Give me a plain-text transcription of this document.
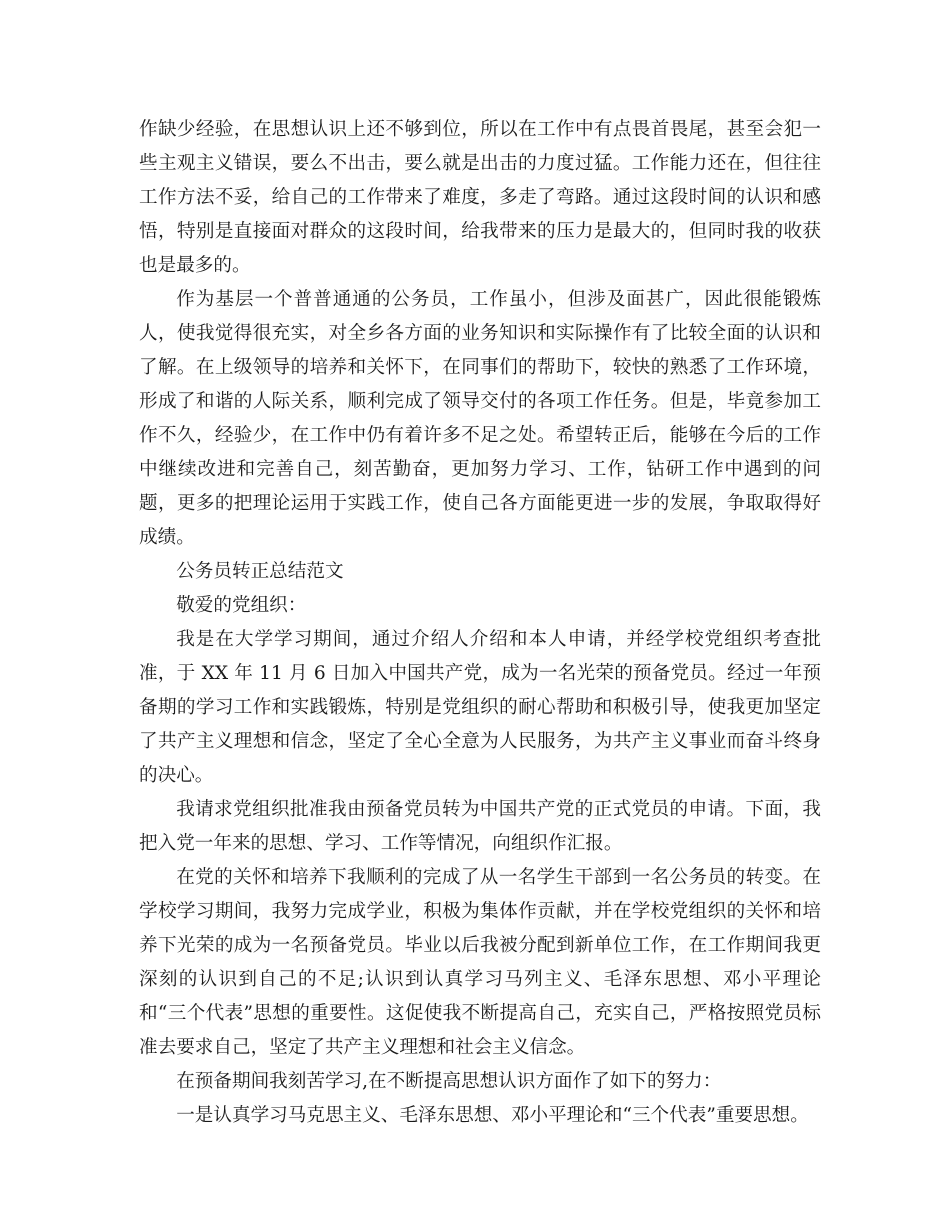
作缺少经验，在思想认识上还不够到位，所以在工作中有点畏首畏尾，甚至会犯一些主观主义错误，要么不出击，要么就是出击的力度过猛。工作能力还在，但往往工作方法不妥，给自己的工作带来了难度，多走了弯路。通过这段时间的认识和感悟，特别是直接面对群众的这段时间，给我带来的压力是最大的，但同时我的收获也是最多的。

作为基层一个普普通通的公务员，工作虽小，但涉及面甚广，因此很能锻炼人，使我觉得很充实，对全乡各方面的业务知识和实际操作有了比较全面的认识和了解。在上级领导的培养和关怀下，在同事们的帮助下，较快的熟悉了工作环境，形成了和谐的人际关系，顺利完成了领导交付的各项工作任务。但是，毕竟参加工作不久，经验少，在工作中仍有着许多不足之处。希望转正后，能够在今后的工作中继续改进和完善自己，刻苦勤奋，更加努力学习、工作，钻研工作中遇到的问题，更多的把理论运用于实践工作，使自己各方面能更进一步的发展，争取取得好成绩。

公务员转正总结范文

敬爱的党组织：

我是在大学学习期间，通过介绍人介绍和本人申请，并经学校党组织考查批准，于 XX 年 11 月 6 日加入中国共产党，成为一名光荣的预备党员。经过一年预备期的学习工作和实践锻炼，特别是党组织的耐心帮助和积极引导，使我更加坚定了共产主义理想和信念，坚定了全心全意为人民服务，为共产主义事业而奋斗终身的决心。

我请求党组织批准我由预备党员转为中国共产党的正式党员的申请。下面，我把入党一年来的思想、学习、工作等情况，向组织作汇报。

在党的关怀和培养下我顺利的完成了从一名学生干部到一名公务员的转变。在学校学习期间，我努力完成学业，积极为集体作贡献，并在学校党组织的关怀和培养下光荣的成为一名预备党员。毕业以后我被分配到新单位工作，在工作期间我更深刻的认识到自己的不足;认识到认真学习马列主义、毛泽东思想、邓小平理论和“三个代表”思想的重要性。这促使我不断提高自己，充实自己，严格按照党员标准去要求自己，坚定了共产主义理想和社会主义信念。

在预备期间我刻苦学习,在不断提高思想认识方面作了如下的努力：

一是认真学习马克思主义、毛泽东思想、邓小平理论和“三个代表”重要思想。
